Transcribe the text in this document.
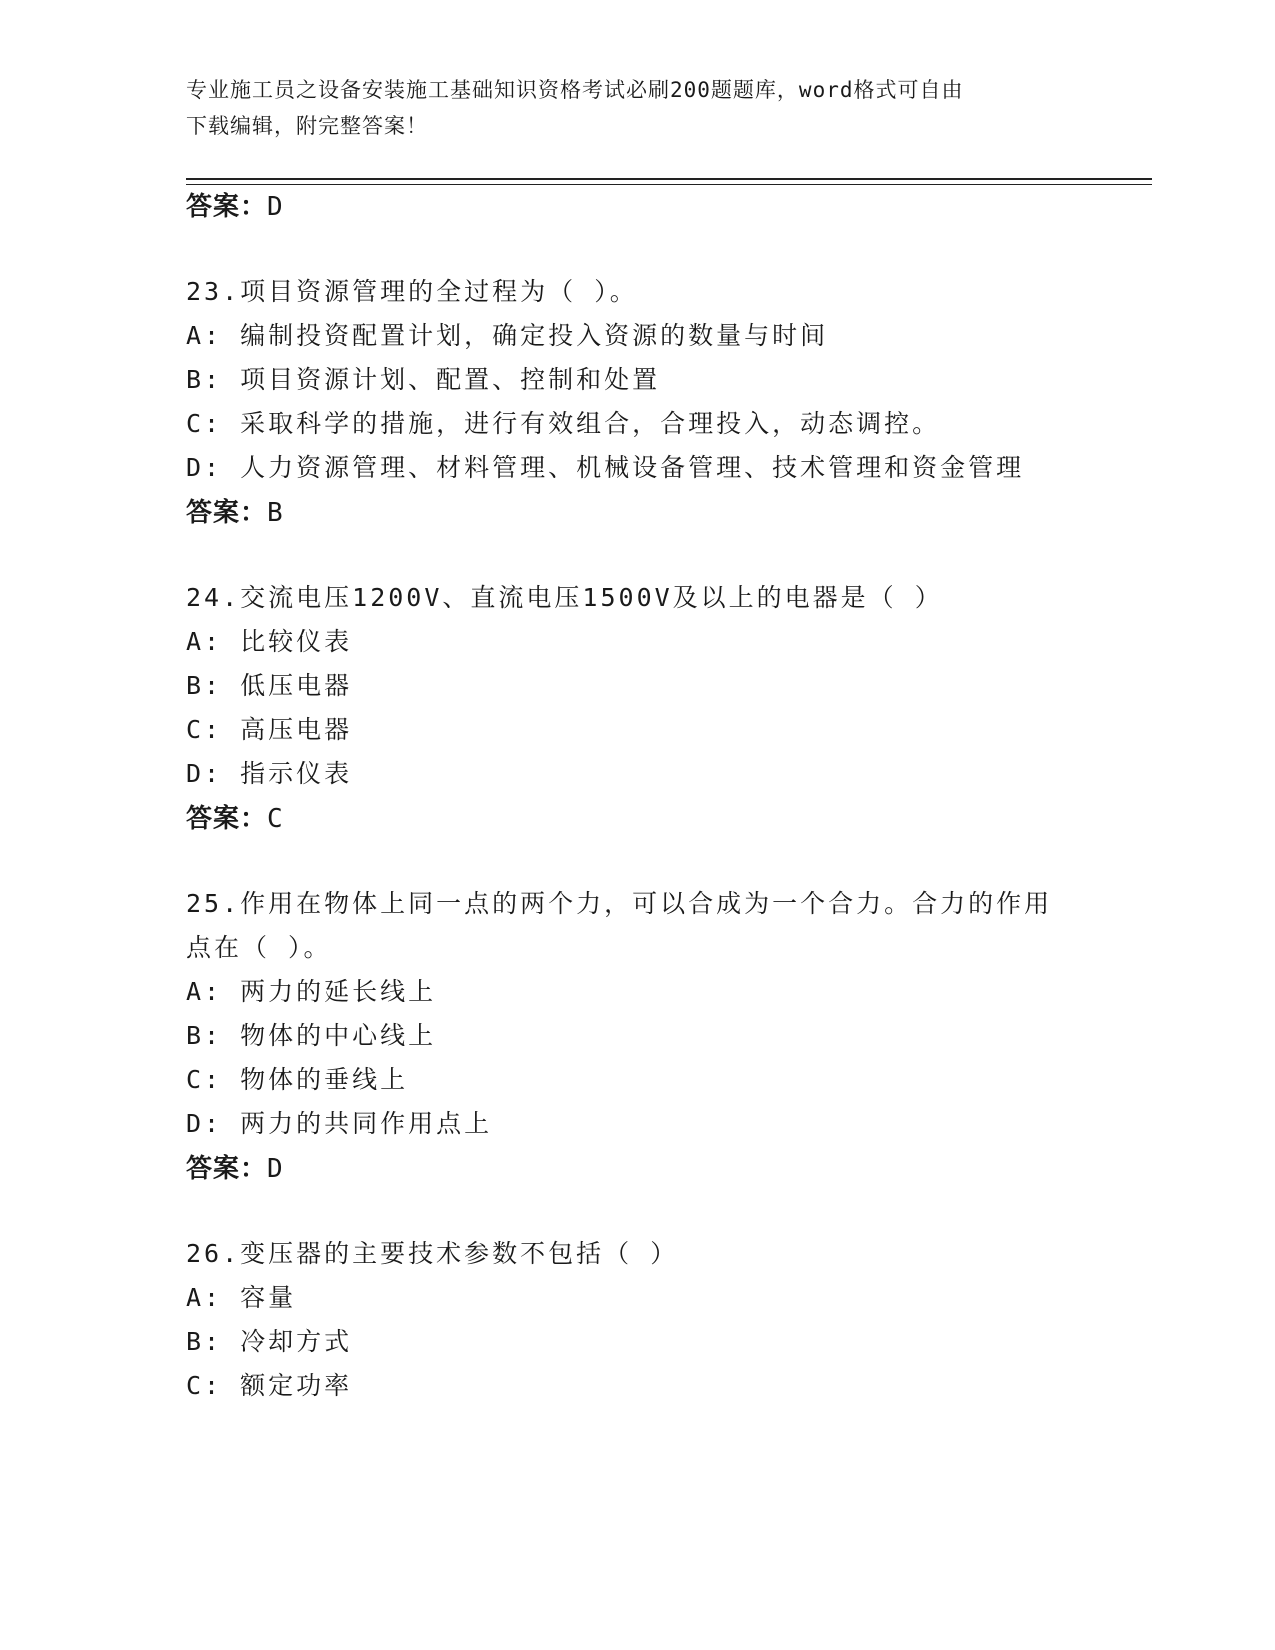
专业施工员之设备安装施工基础知识资格考试必刷200题题库，word格式可自由
下载编辑，附完整答案！
答案：D
23.项目资源管理的全过程为（ ）。
A: 编制投资配置计划，确定投入资源的数量与时间
B: 项目资源计划、配置、控制和处置
C: 采取科学的措施，进行有效组合，合理投入，动态调控。
D: 人力资源管理、材料管理、机械设备管理、技术管理和资金管理
答案：B
24.交流电压1200V、直流电压1500V及以上的电器是（ ）
A: 比较仪表
B: 低压电器
C: 高压电器
D: 指示仪表
答案：C
25.作用在物体上同一点的两个力，可以合成为一个合力。合力的作用
点在（ ）。
A: 两力的延长线上
B: 物体的中心线上
C: 物体的垂线上
D: 两力的共同作用点上
答案：D
26.变压器的主要技术参数不包括（ ）
A: 容量
B: 冷却方式
C: 额定功率
